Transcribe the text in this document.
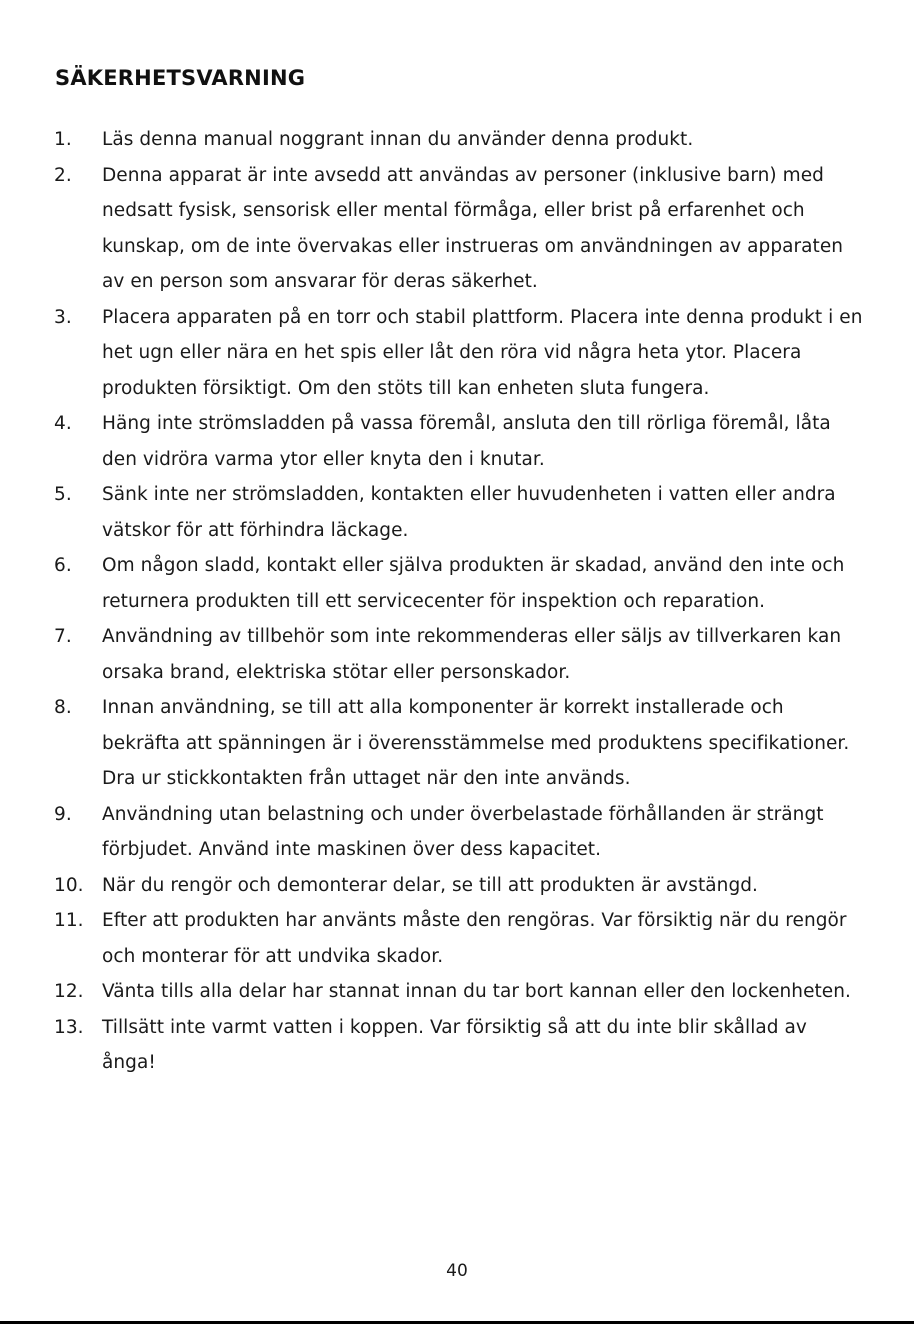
SÄKERHETSVARNING
1.	Läs denna manual noggrant innan du använder denna produkt.
2.	Denna apparat är inte avsedd att användas av personer (inklusive barn) med nedsatt fysisk, sensorisk eller mental förmåga, eller brist på erfarenhet och kunskap, om de inte övervakas eller instrueras om användningen av apparaten av en person som ansvarar för deras säkerhet.
3.	Placera apparaten på en torr och stabil plattform. Placera inte denna produkt i en het ugn eller nära en het spis eller låt den röra vid några heta ytor. Placera produkten försiktigt. Om den stöts till kan enheten sluta fungera.
4.	Häng inte strömsladden på vassa föremål, ansluta den till rörliga föremål, låta den vidröra varma ytor eller knyta den i knutar.
5.	Sänk inte ner strömsladden, kontakten eller huvudenheten i vatten eller andra vätskor för att förhindra läckage.
6.	Om någon sladd, kontakt eller själva produkten är skadad, använd den inte och returnera produkten till ett servicecenter för inspektion och reparation.
7.	Användning av tillbehör som inte rekommenderas eller säljs av tillverkaren kan orsaka brand, elektriska stötar eller personskador.
8.	Innan användning, se till att alla komponenter är korrekt installerade och bekräfta att spänningen är i överensstämmelse med produktens specifikationer. Dra ur stickkontakten från uttaget när den inte används.
9.	Användning utan belastning och under överbelastade förhållanden är strängt förbjudet. Använd inte maskinen över dess kapacitet.
10. När du rengör och demonterar delar, se till att produkten är avstängd.
11. Efter att produkten har använts måste den rengöras. Var försiktig när du rengör och monterar för att undvika skador.
12. Vänta tills alla delar har stannat innan du tar bort kannan eller den lockenheten.
13. Tillsätt inte varmt vatten i koppen. Var försiktig så att du inte blir skållad av ånga!
40
